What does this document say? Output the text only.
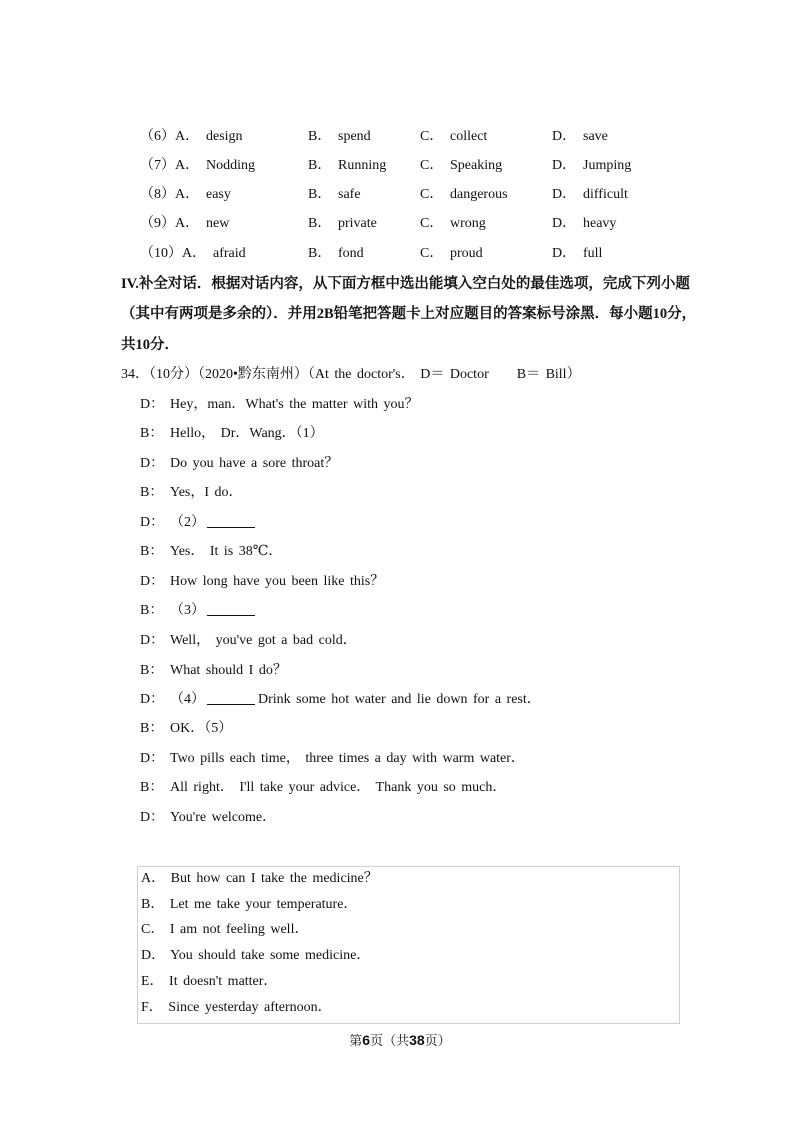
（6）A． design	B． spend	C． collect	D． save
（7）A． Nodding	B． Running C． Speaking	D． Jumping
（8）A． easy	B． safe	C． dangerous	D． difficult
（9）A． new	B． private	C． wrong	D． heavy
（10）A． afraid	B． fond	C． proud	D． full
IV.补全对话．根据对话内容，从下面方框中选出能填入空白处的最佳选项，完成下列小题
（其中有两项是多余的）．并用2B铅笔把答题卡上对应题目的答案标号涂黑．每小题10分，
共10分．
34．（10分）（2020•黔东南州）（At the doctor's． D＝ Doctor　　B＝ Bill）
D： Hey，man．What's the matter with you？
B： Hello， Dr．Wang．（1）
D： Do you have a sore throat？
B： Yes，I do．
D： （2）
B： Yes． It is 38℃．
D： How long have you been like this？
B： （3）
D： Well， you've got a bad cold．
B： What should I do？
D： （4）	Drink some hot water and lie down for a rest．
B： OK．（5）
D： Two pills each time， three times a day with warm water．
B： All right． I'll take your advice． Thank you so much．
D： You're welcome．
A． But how can I take the medicine？
B． Let me take your temperature．
C． I am not feeling well．
D． You should take some medicine．
E． It doesn't matter．
F． Since yesterday afternoon．
第6页（共38页）
